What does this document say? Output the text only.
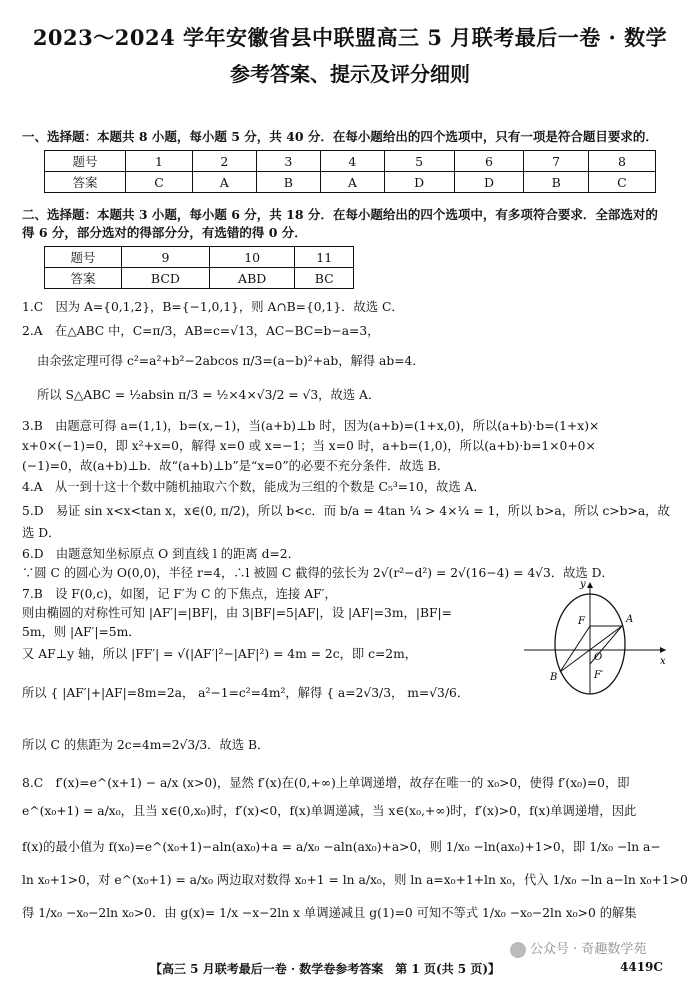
2023～2024 学年安徽省县中联盟高三 5 月联考最后一卷 · 数学
参考答案、提示及评分细则
一、选择题：本题共 8 小题，每小题 5 分，共 40 分．在每小题给出的四个选项中，只有一项是符合题目要求的．
题号	1	2	3	4	5	6	7	8
答案	C	A	B	A	D	D	B	C
二、选择题：本题共 3 小题，每小题 6 分，共 18 分．在每小题给出的四个选项中，有多项符合要求．全部选对的
得 6 分，部分选对的得部分分，有选错的得 0 分．
题号	9	10	11
答案	BCD	ABD	BC
1.C　因为 A={0,1,2}，B={−1,0,1}，则 A∩B={0,1}．故选 C．
2.A　在△ABC 中，C=π/3，AB=c=√13，AC−BC=b−a=3，
由余弦定理可得 c²=a²+b²−2abcos π/3=(a−b)²+ab，解得 ab=4．
所以 S△ABC = ½absin π/3 = ½×4×√3/2 = √3，故选 A．
3.B　由题意可得 a=(1,1)，b=(x,−1)，当(a+b)⊥b 时，因为(a+b)=(1+x,0)，所以(a+b)·b=(1+x)×
x+0×(−1)=0，即 x²+x=0，解得 x=0 或 x=−1；当 x=0 时，a+b=(1,0)，所以(a+b)·b=1×0+0×
(−1)=0，故(a+b)⊥b．故“(a+b)⊥b”是“x=0”的必要不充分条件．故选 B．
4.A　从一到十这十个数中随机抽取六个数，能成为三组的个数是 C₅³=10，故选 A．
5.D　易证 sin x<x<tan x，x∈(0, π/2)，所以 b<c．而 b/a = 4tan ¼ > 4×¼ = 1，所以 b>a，所以 c>b>a，故
选 D．
6.D　由题意知坐标原点 O 到直线 l 的距离 d=2．
∵圆 C 的圆心为 O(0,0)，半径 r=4，∴l 被圆 C 截得的弦长为 2√(r²−d²) = 2√(16−4) = 4√3．故选 D．
7.B　设 F(0,c)，如图，记 F′为 C 的下焦点，连接 AF′，
则由椭圆的对称性可知 |AF′|=|BF|，由 3|BF|=5|AF|，设 |AF|=3m，|BF|=
5m，则 |AF′|=5m．
又 AF⊥y 轴，所以 |FF′| = √(|AF′|²−|AF|²) = 4m = 2c，即 c=2m，
所以 { |AF′|+|AF|=8m=2a， a²−1=c²=4m²，解得 { a=2√3/3， m=√3/6．
所以 C 的焦距为 2c=4m=2√3/3．故选 B．
8.C　f′(x)=e^(x+1) − a/x (x>0)，显然 f′(x)在(0,+∞)上单调递增，故存在唯一的 x₀>0，使得 f′(x₀)=0，即
e^(x₀+1) = a/x₀，且当 x∈(0,x₀)时，f′(x)<0，f(x)单调递减，当 x∈(x₀,+∞)时，f′(x)>0，f(x)单调递增，因此
f(x)的最小值为 f(x₀)=e^(x₀+1)−aln(ax₀)+a = a/x₀ −aln(ax₀)+a>0，则 1/x₀ −ln(ax₀)+1>0，即 1/x₀ −ln a−
ln x₀+1>0，对 e^(x₀+1) = a/x₀ 两边取对数得 x₀+1 = ln a/x₀，则 ln a=x₀+1+ln x₀，代入 1/x₀ −ln a−ln x₀+1>0
得 1/x₀ −x₀−2ln x₀>0．由 g(x)= 1/x −x−2ln x 单调递减且 g(1)=0 可知不等式 1/x₀ −x₀−2ln x₀>0 的解集
y
x
F	A
O
B	F′
公众号 · 奇趣数学苑
【高三 5 月联考最后一卷 · 数学卷参考答案　第 1 页(共 5 页)】	4419C
